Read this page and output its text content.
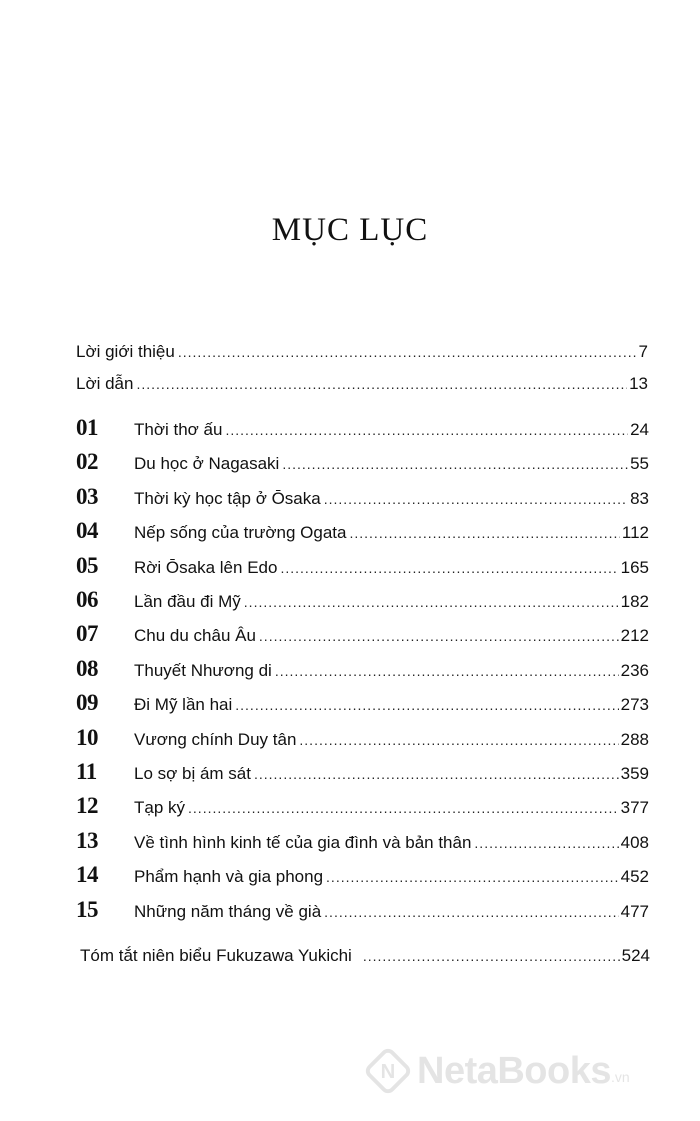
MỤC LỤC
Lời giới thiệu .....	7
Lời dẫn .....	13
01 Thời thơ ấu .....	24
02 Du học ở Nagasaki .....	55
03 Thời kỳ học tập ở Ōsaka .....	83
04 Nếp sống của trường Ogata .....	112
05 Rời Ōsaka lên Edo .....	165
06 Lần đầu đi Mỹ .....	182
07 Chu du châu Âu .....	212
08 Thuyết Nhương di .....	236
09 Đi Mỹ lần hai .....	273
10 Vương chính Duy tân .....	288
11 Lo sợ bị ám sát .....	359
12 Tạp ký .....	377
13 Về tình hình kinh tế của gia đình và bản thân .....	408
14 Phẩm hạnh và gia phong .....	452
15 Những năm tháng về già .....	477
Tóm tắt niên biểu Fukuzawa Yukichi .....	524
N NetaBooks .vn
